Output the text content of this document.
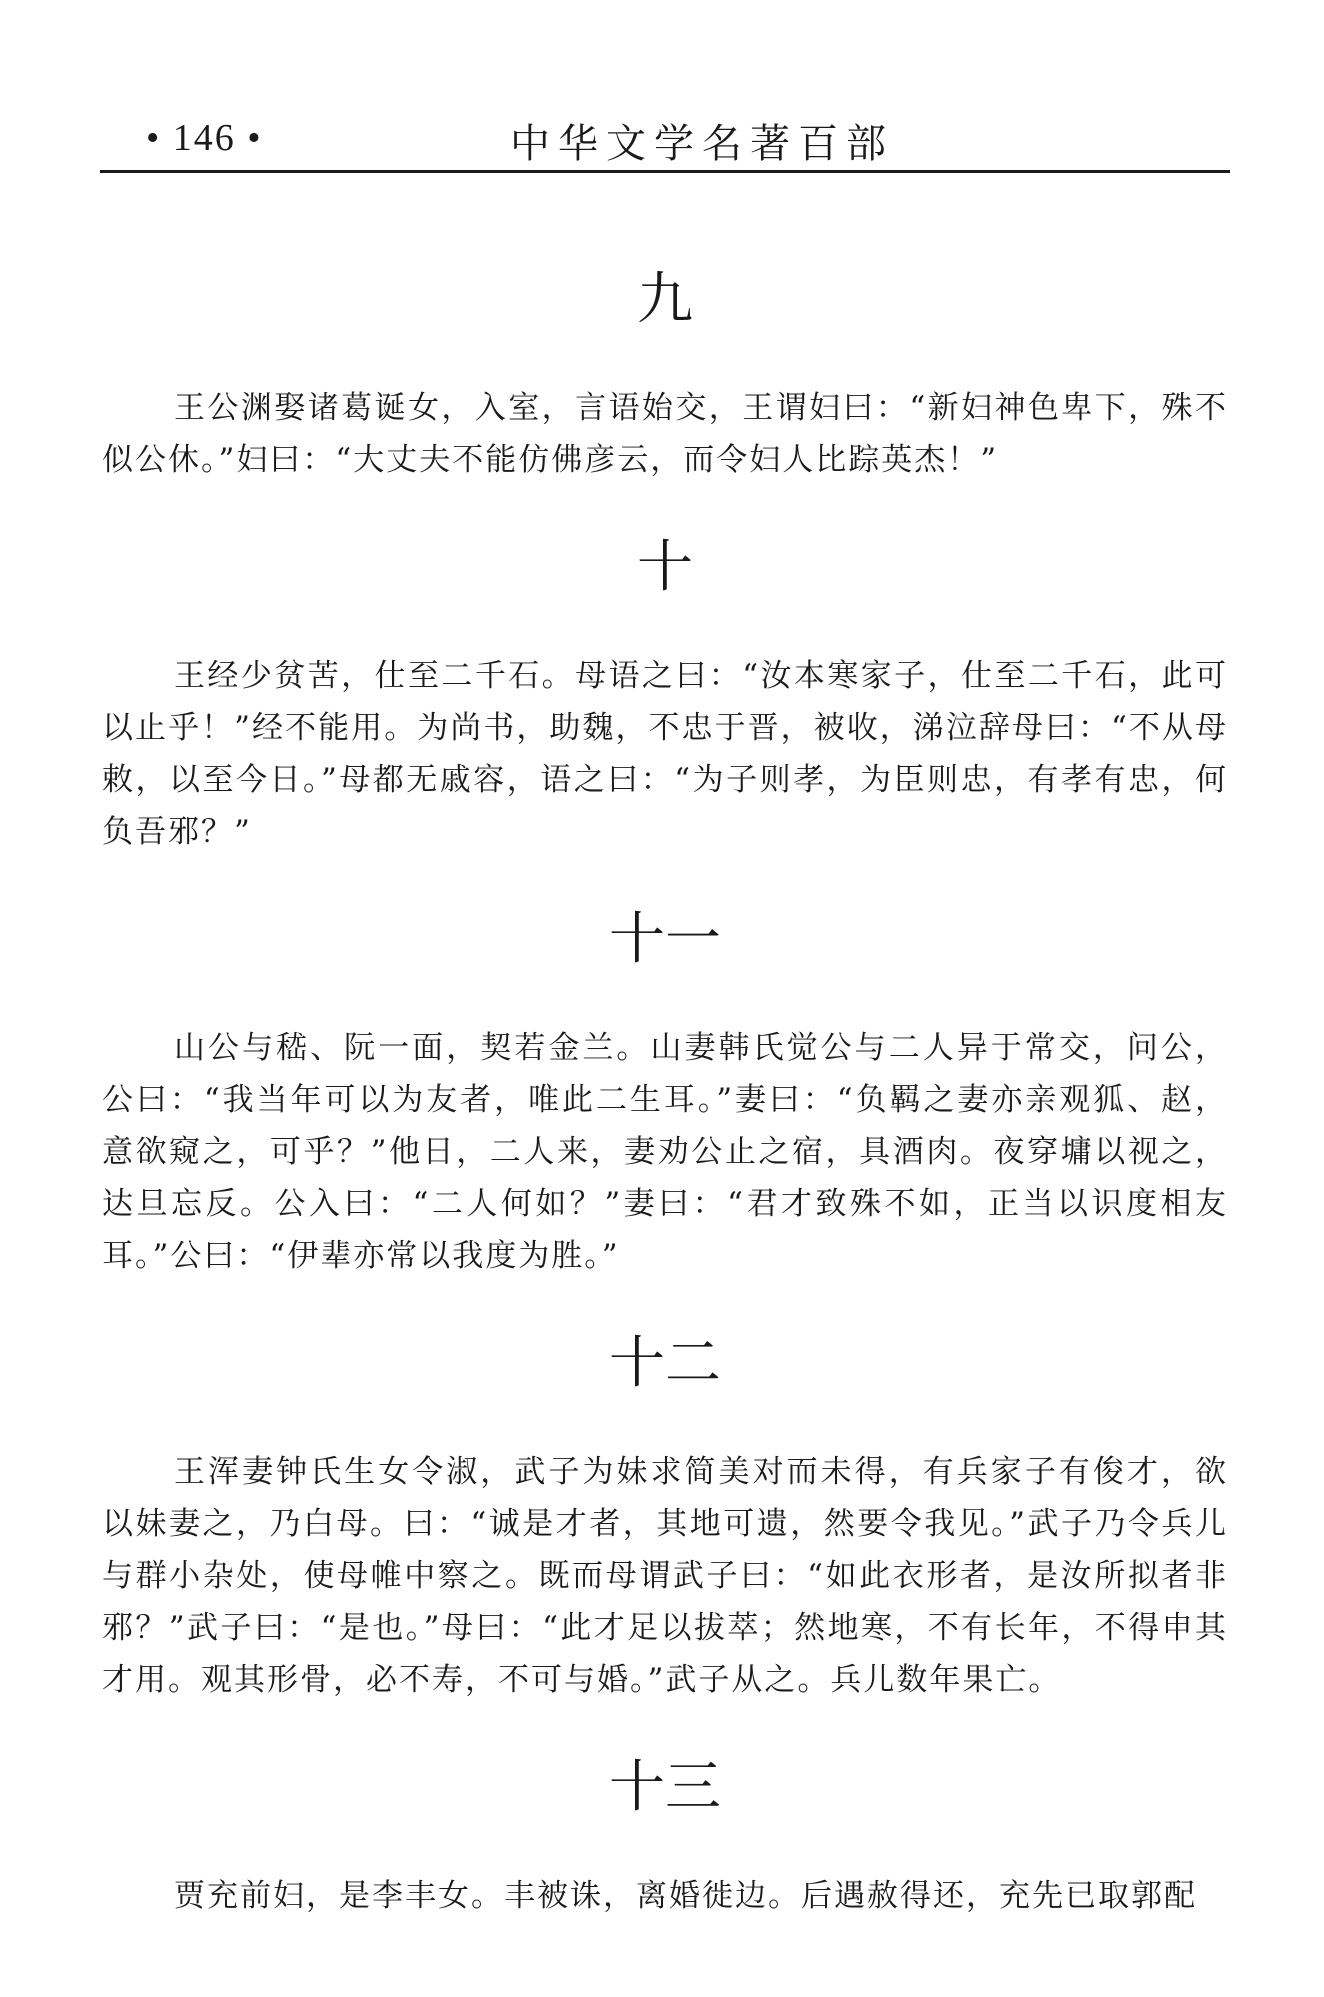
• 146 •	中华文学名著百部
九

王公渊娶诸葛诞女，入室，言语始交，王谓妇曰：“新妇神色卑下，殊不似公休。”妇曰：“大丈夫不能仿佛彦云，而令妇人比踪英杰！”

十

王经少贫苦，仕至二千石。母语之曰：“汝本寒家子，仕至二千石，此可以止乎！”经不能用。为尚书，助魏，不忠于晋，被收，涕泣辞母曰：“不从母敕，以至今日。”母都无戚容，语之曰：“为子则孝，为臣则忠，有孝有忠，何负吾邪？”

十一

山公与嵇、阮一面，契若金兰。山妻韩氏觉公与二人异于常交，问公，公曰：“我当年可以为友者，唯此二生耳。”妻曰：“负羁之妻亦亲观狐、赵，意欲窥之，可乎？”他日，二人来，妻劝公止之宿，具酒肉。夜穿墉以视之，达旦忘反。公入曰：“二人何如？”妻曰：“君才致殊不如，正当以识度相友耳。”公曰：“伊辈亦常以我度为胜。”

十二

王浑妻钟氏生女令淑，武子为妹求简美对而未得，有兵家子有俊才，欲以妹妻之，乃白母。曰：“诚是才者，其地可遗，然要令我见。”武子乃令兵儿与群小杂处，使母帷中察之。既而母谓武子曰：“如此衣形者，是汝所拟者非邪？”武子曰：“是也。”母曰：“此才足以拔萃；然地寒，不有长年，不得申其才用。观其形骨，必不寿，不可与婚。”武子从之。兵儿数年果亡。

十三

贾充前妇，是李丰女。丰被诛，离婚徙边。后遇赦得还，充先已取郭配
